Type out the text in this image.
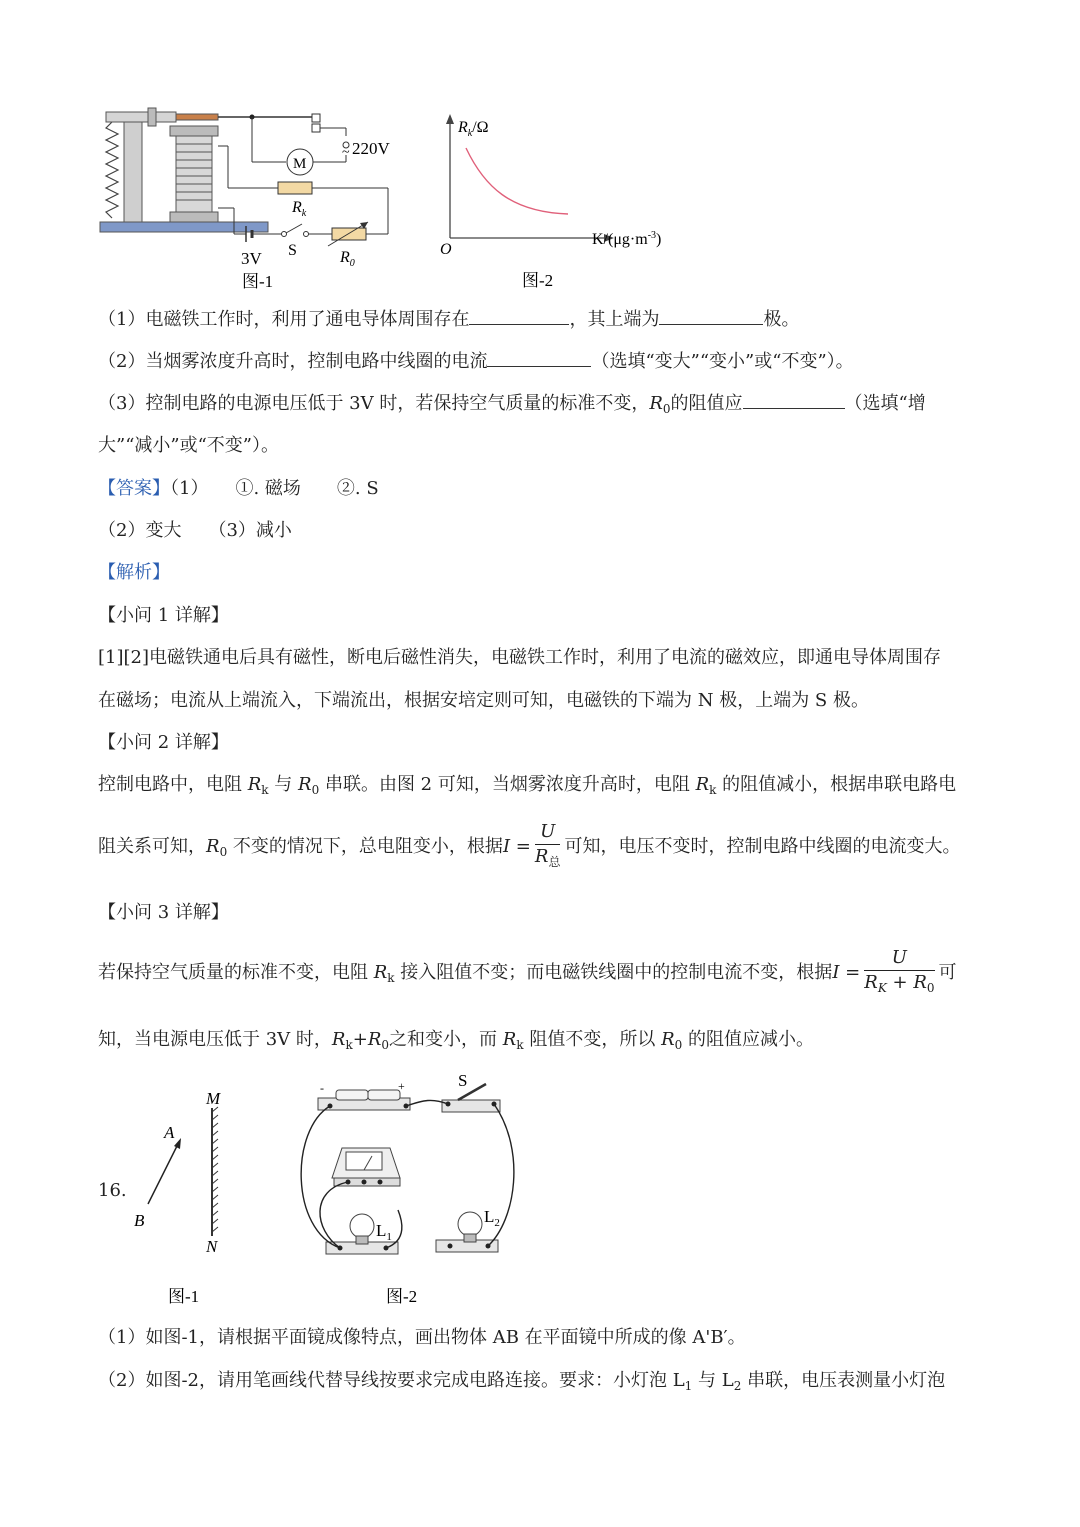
M
~ 220V
$R_k$
3V S	$R_0$
图-1
$R_k/\Omega$
O
$K/(\mu g\cdot m^{-3})$
图-2
（1）电磁铁工作时，利用了通电导体周围存在	，其上端为	极。
（2）当烟雾浓度升高时，控制电路中线圈的电流	（选填“变大”“变小”或“不变”）。
（3）控制电路的电源电压低于 3V 时，若保持空气质量的标准不变，$R_0$的阻值应	（选填“增
大”“减小”或“不变”）。
【答案】（1）　　①. 磁场　　②. S
（2）变大　　（3）减小
【解析】
【小问 1 详解】
[1][2]电磁铁通电后具有磁性，断电后磁性消失，电磁铁工作时，利用了电流的磁效应，即通电导体周围存
在磁场；电流从上端流入，下端流出，根据安培定则可知，电磁铁的下端为 N 极，上端为 S 极。
【小问 2 详解】
控制电路中，电阻 $R_k$ 与 $R_0$ 串联。由图 2 可知，当烟雾浓度升高时，电阻 $R_k$ 的阻值减小，根据串联电路电
阻关系可知，$R_0$ 不变的情况下，总电阻变小，根据$I = \frac{U}{R_总}$ 可知，电压不变时，控制电路中线圈的电流变大。
【小问 3 详解】
若保持空气质量的标准不变，电阻 $R_k$ 接入阻值不变；而电磁铁线圈中的控制电流不变，根据$I = \frac{U}{R_K + R_0}$ 可
知，当电源电压低于 3V 时，$R_k+R_0$之和变小，而 $R_k$ 阻值不变，所以 $R_0$ 的阻值应减小。
16.
M
N
A
B
图-1
-	+	S
$L_1$
$L_2$
图-2
（1）如图-1，请根据平面镜成像特点，画出物体 AB 在平面镜中所成的像 A'B′。
（2）如图-2，请用笔画线代替导线按要求完成电路连接。要求：小灯泡 $L_1$ 与 $L_2$ 串联，电压表测量小灯泡
